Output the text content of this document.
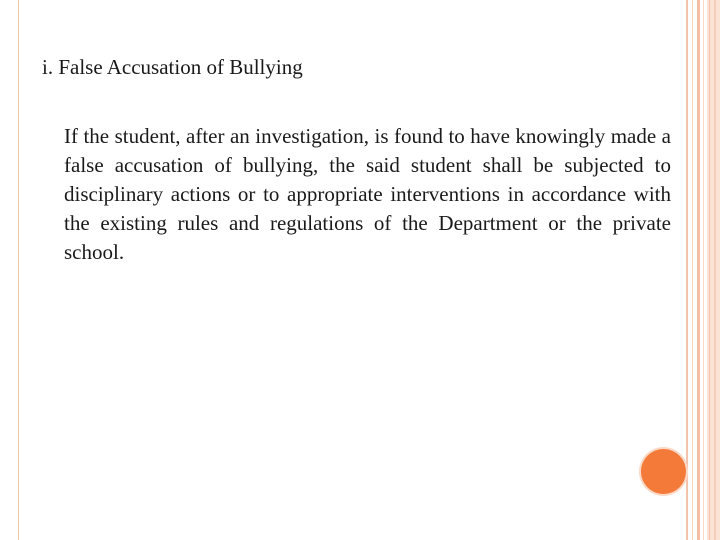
i. False Accusation of Bullying

If the student, after an investigation, is found to have knowingly made a false accusation of bullying, the said student shall be subjected to disciplinary actions or to appropriate interventions in accordance with the existing rules and regulations of the Department or the private school.
